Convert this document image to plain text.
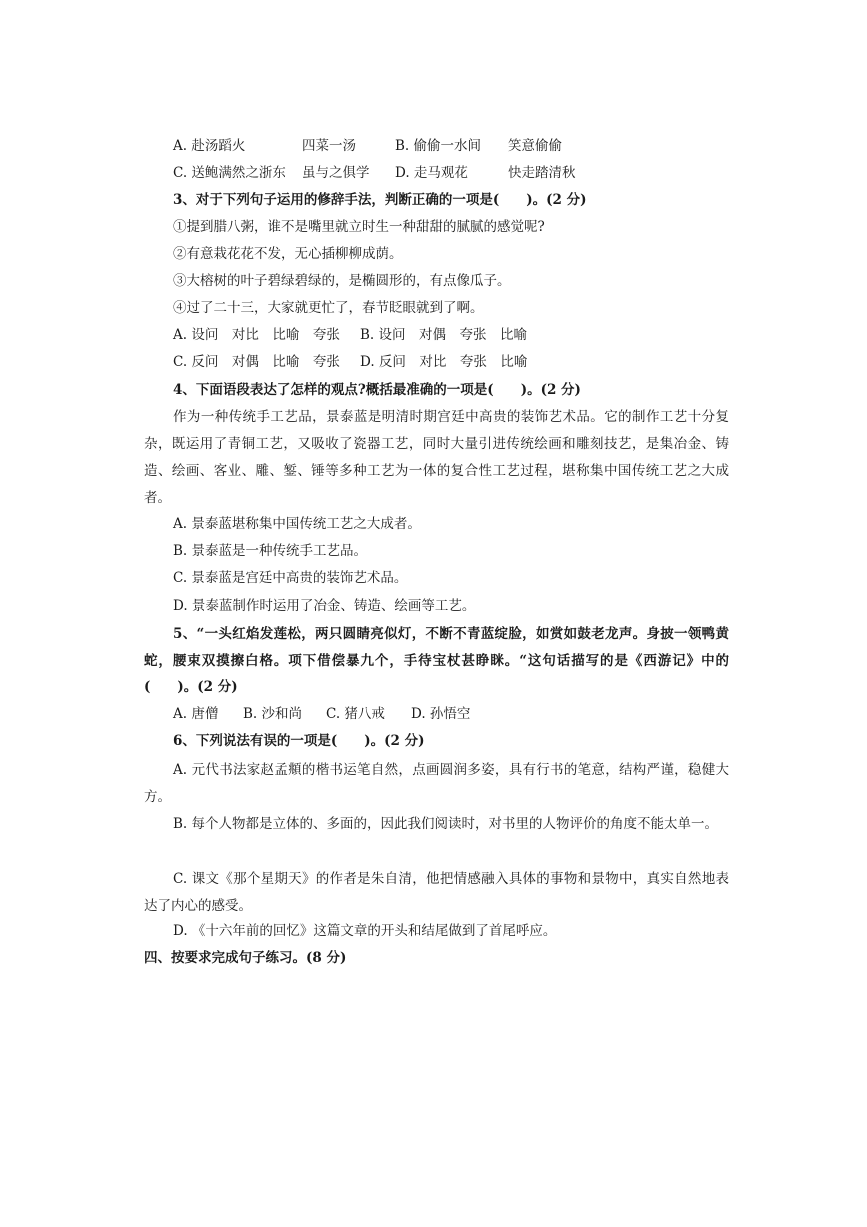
A. 赴汤蹈火	四菜一汤	B. 偷偷一水间 笑意偷偷
C. 送鲍满然之浙东 虽与之俱学 D. 走马观花	快走踏清秋
3、对于下列句子运用的修辞手法，判断正确的一项是(　　)。(2 分)
①提到腊八粥，谁不是嘴里就立时生一种甜甜的腻腻的感觉呢?
②有意栽花花不发，无心插柳柳成荫。
③大榕树的叶子碧绿碧绿的，是椭圆形的，有点像瓜子。
④过了二十三，大家就更忙了，春节眨眼就到了啊。
A. 设问　对比　比喻　夸张 B. 设问　对偶　夸张　比喻
C. 反问　对偶　比喻　夸张 D. 反问　对比　夸张　比喻
4、下面语段表达了怎样的观点?概括最准确的一项是(　　)。(2 分)
作为一种传统手工艺品，景泰蓝是明清时期宫廷中高贵的装饰艺术品。它的制作工艺十分复杂，既运用了青铜工艺，又吸收了瓷器工艺，同时大量引进传统绘画和雕刻技艺，是集冶金、铸造、绘画、客业、雕、錾、锤等多种工艺为一体的复合性工艺过程，堪称集中国传统工艺之大成者。
A. 景泰蓝堪称集中国传统工艺之大成者。
B. 景泰蓝是一种传统手工艺品。
C. 景泰蓝是宫廷中高贵的装饰艺术品。
D. 景泰蓝制作时运用了冶金、铸造、绘画等工艺。
5、“一头红焰发莲松，两只圆睛亮似灯，不断不青蓝绽脸，如赏如鼓老龙声。身披一领鸭黄蛇，腰束双摸擦白格。项下借偿暴九个，手待宝杖甚睁眯。“这句话描写的是《西游记》中的(　　)。(2 分)
A. 唐僧 B. 沙和尚 C. 猪八戒 D. 孙悟空
6、下列说法有误的一项是(　　)。(2 分)
A. 元代书法家赵孟頫的楷书运笔自然，点画圆润多姿，具有行书的笔意，结构严谨，稳健大方。
B. 每个人物都是立体的、多面的，因此我们阅读时，对书里的人物评价的角度不能太单一。
C. 课文《那个星期天》的作者是朱自清，他把情感融入具体的事物和景物中，真实自然地表达了内心的感受。
D. 《十六年前的回忆》这篇文章的开头和结尾做到了首尾呼应。
四、按要求完成句子练习。(8 分)
